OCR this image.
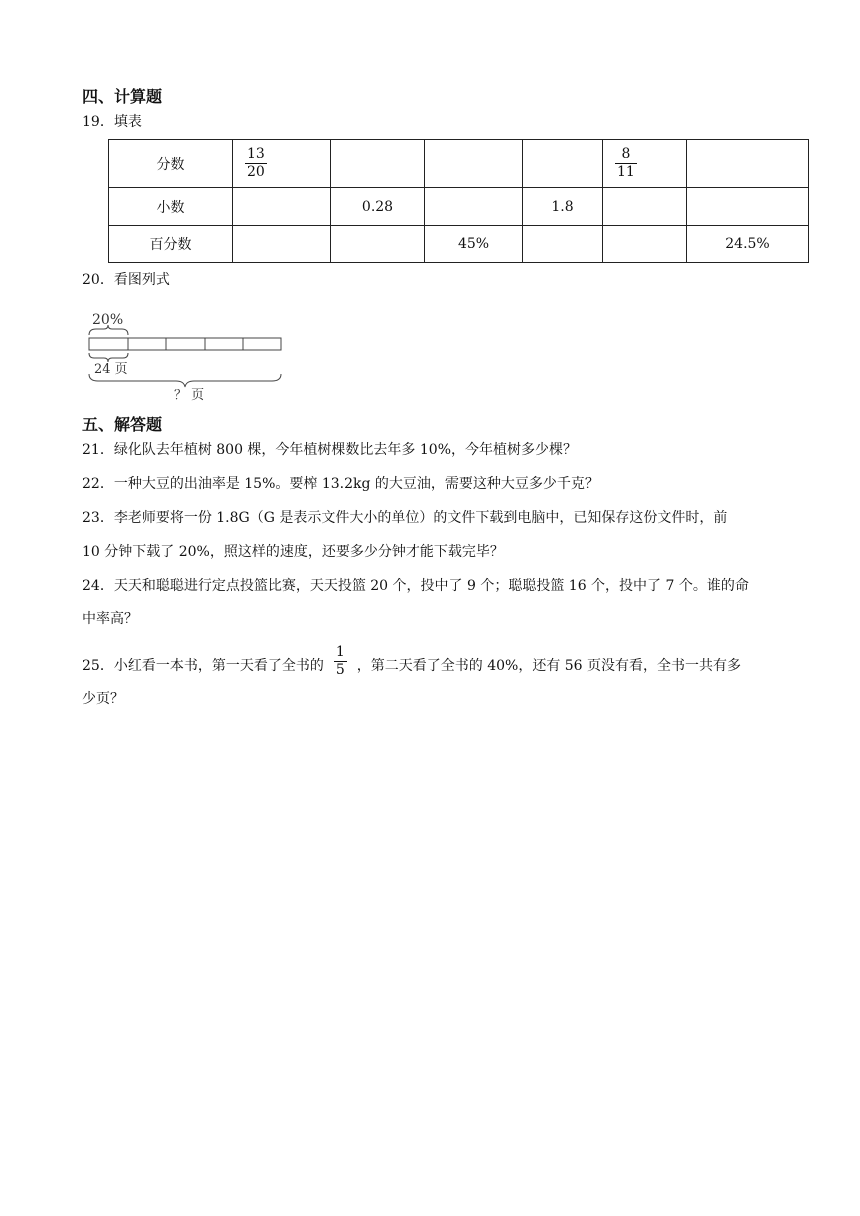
四、计算题
19．填表
分数	$\frac{13}{20}$				$\frac{8}{11}$

小数		0.28		1.8		
百分数			45%			24.5%
20．看图列式
20%
24 页
？ 页
五、解答题
21．绿化队去年植树 800 棵，今年植树棵数比去年多 10%，今年植树多少棵？
22．一种大豆的出油率是 15%。要榨 13.2kg 的大豆油，需要这种大豆多少千克？
23．李老师要将一份 1.8G（G 是表示文件大小的单位）的文件下载到电脑中，已知保存这份文件时，前
10 分钟下载了 20%，照这样的速度，还要多少分钟才能下载完毕？
24．天天和聪聪进行定点投篮比赛，天天投篮 20 个，投中了 9 个；聪聪投篮 16 个，投中了 7 个。谁的命
中率高？
25．小红看一本书，第一天看了全书的 $\frac{1}{5}$ ，第二天看了全书的 40%，还有 56 页没有看，全书一共有多
少页？
